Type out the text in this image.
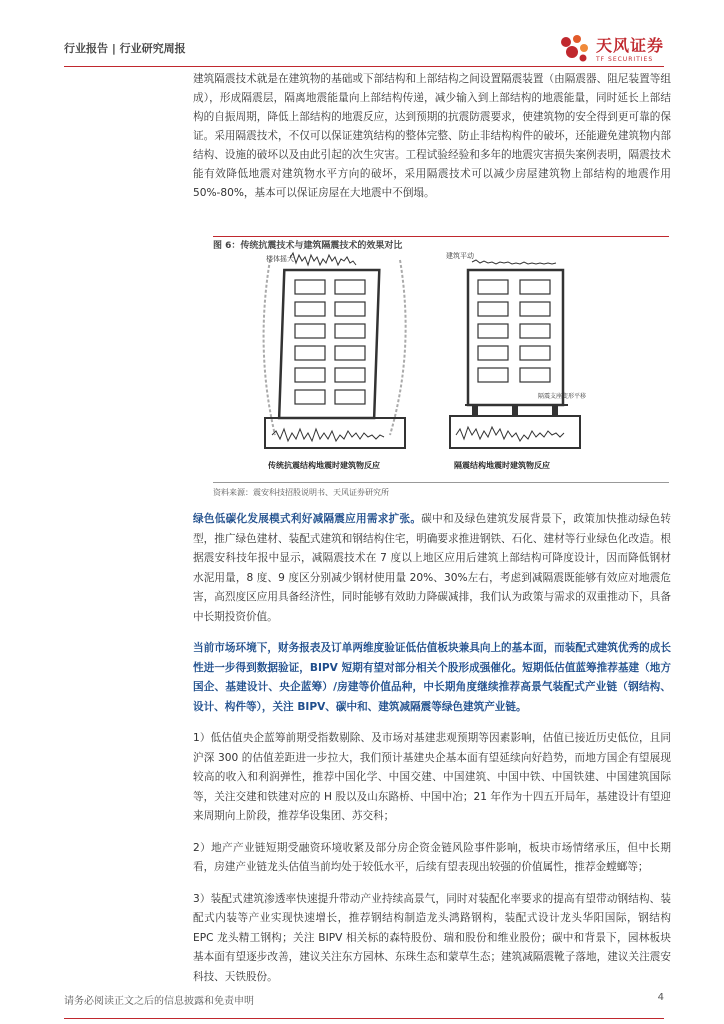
行业报告 | 行业研究周报	天风证券
TF SECURITIES

建筑隔震技术就是在建筑物的基础或下部结构和上部结构之间设置隔震装置（由隔震器、阻尼装置等组成），形成隔震层，隔离地震能量向上部结构传递，减少输入到上部结构的地震能量，同时延长上部结构的自振周期，降低上部结构的地震反应，达到预期的抗震防震要求，使建筑物的安全得到更可靠的保证。采用隔震技术，不仅可以保证建筑结构的整体完整、防止非结构构件的破坏，还能避免建筑物内部结构、设施的破坏以及由此引起的次生灾害。工程试验经验和多年的地震灾害损失案例表明，隔震技术能有效降低地震对建筑物水平方向的破坏，采用隔震技术可以减少房屋建筑物上部结构的地震作用 50%-80%，基本可以保证房屋在大地震中不倒塌。

图 6：传统抗震技术与建筑隔震技术的效果对比
楼体摇大
传统抗震结构地震时建筑物反应
建筑平动
隔震支座变形平移
隔震结构地震时建筑物反应
资料来源：震安科技招股说明书、天风证券研究所

绿色低碳化发展模式利好减隔震应用需求扩张。碳中和及绿色建筑发展背景下，政策加快推动绿色转型，推广绿色建材、装配式建筑和钢结构住宅，明确要求推进钢铁、石化、建材等行业绿色化改造。根据震安科技年报中显示，减隔震技术在 7 度以上地区应用后建筑上部结构可降度设计，因而降低钢材水泥用量，8 度、9 度区分别减少钢材使用量 20%、30%左右，考虑到减隔震既能够有效应对地震危害，高烈度区应用具备经济性，同时能够有效助力降碳减排，我们认为政策与需求的双重推动下，具备中长期投资价值。

当前市场环境下，财务报表及订单两维度验证低估值板块兼具向上的基本面，而装配式建筑优秀的成长性进一步得到数据验证，BIPV 短期有望对部分相关个股形成强催化。短期低估值蓝筹推荐基建（地方国企、基建设计、央企蓝筹）/房建等价值品种，中长期角度继续推荐高景气装配式产业链（钢结构、设计、构件等），关注 BIPV、碳中和、建筑减隔震等绿色建筑产业链。

1）低估值央企蓝筹前期受指数剔除、及市场对基建悲观预期等因素影响，估值已接近历史低位，且同沪深 300 的估值差距进一步拉大，我们预计基建央企基本面有望延续向好趋势，而地方国企有望展现较高的收入和利润弹性，推荐中国化学、中国交建、中国建筑、中国中铁、中国铁建、中国建筑国际等，关注交建和铁建对应的 H 股以及山东路桥、中国中冶；21 年作为十四五开局年，基建设计有望迎来周期向上阶段，推荐华设集团、苏交科；

2）地产产业链短期受融资环境收紧及部分房企资金链风险事件影响，板块市场情绪承压，但中长期看，房建产业链龙头估值当前均处于较低水平，后续有望表现出较强的价值属性，推荐金螳螂等；

3）装配式建筑渗透率快速提升带动产业持续高景气，同时对装配化率要求的提高有望带动钢结构、装配式内装等产业实现快速增长，推荐钢结构制造龙头鸿路钢构，装配式设计龙头华阳国际，钢结构 EPC 龙头精工钢构；关注 BIPV 相关标的森特股份、瑞和股份和维业股份；碳中和背景下，园林板块基本面有望逐步改善，建议关注东方园林、东珠生态和蒙草生态；建筑减隔震靴子落地，建议关注震安科技、天铁股份。

请务必阅读正文之后的信息披露和免责申明	4
